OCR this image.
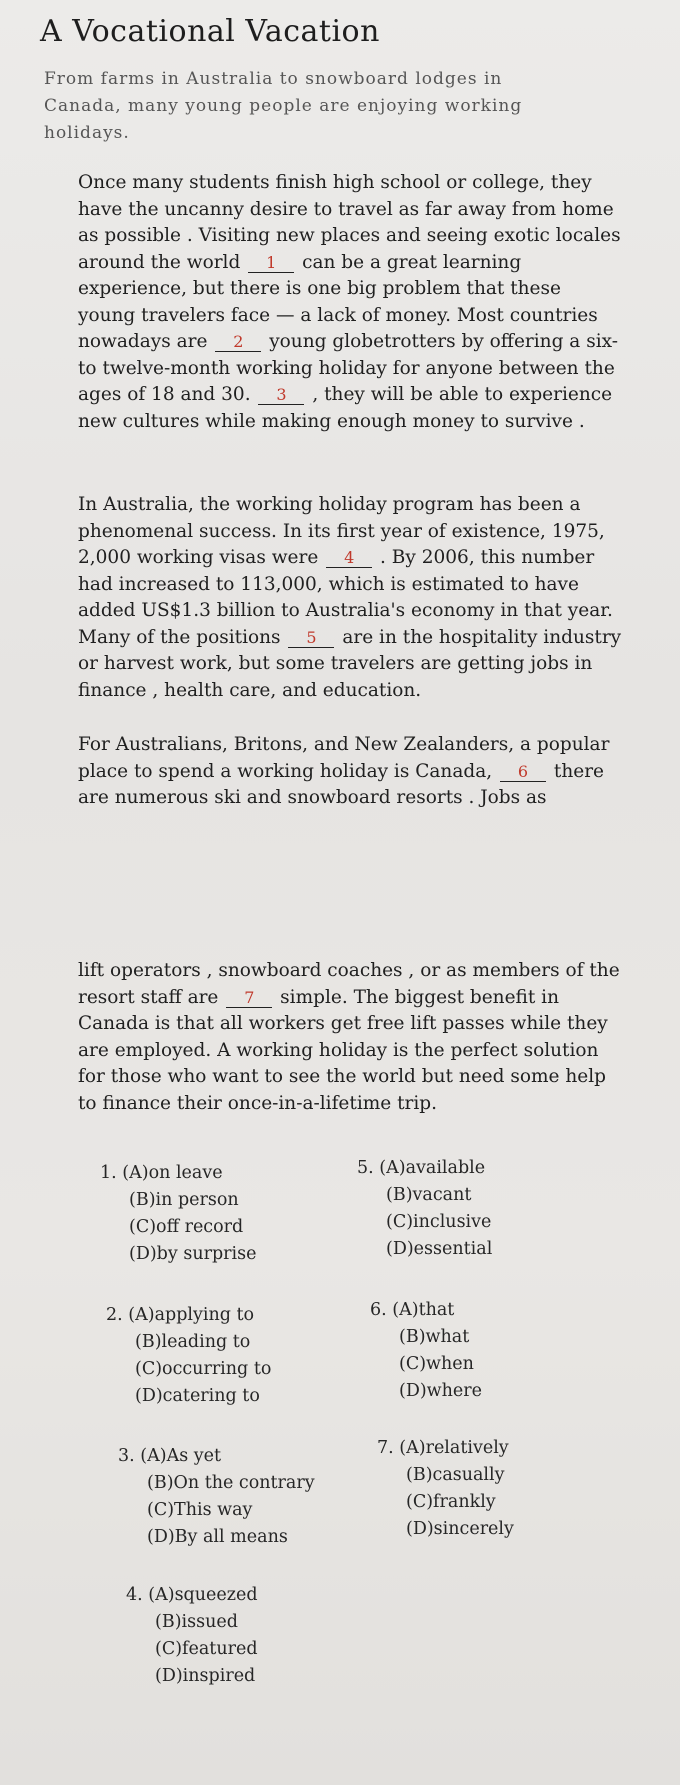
A Vocational Vacation
From farms in Australia to snowboard lodges in Canada, many young people are enjoying working holidays.
Once many students finish high school or college, they have the uncanny desire to travel as far away from home as possible . Visiting new places and seeing exotic locales around the world 1 can be a great learning experience, but there is one big problem that these young travelers face — a lack of money. Most countries nowadays are 2 young globetrotters by offering a six- to twelve-month working holiday for anyone between the ages of 18 and 30. 3 , they will be able to experience new cultures while making enough money to survive .
In Australia, the working holiday program has been a phenomenal success. In its first year of existence, 1975, 2,000 working visas were 4 . By 2006, this number had increased to 113,000, which is estimated to have added US$1.3 billion to Australia's economy in that year. Many of the positions 5 are in the hospitality industry or harvest work, but some travelers are getting jobs in finance , health care, and education.
For Australians, Britons, and New Zealanders, a popular place to spend a working holiday is Canada, 6 there are numerous ski and snowboard resorts . Jobs as
lift operators , snowboard coaches , or as members of the resort staff are 7 simple. The biggest benefit in Canada is that all workers get free lift passes while they are employed. A working holiday is the perfect solution for those who want to see the world but need some help to finance their once-in-a-lifetime trip.
1. (A)on leave
(B)in person
(C)off record
(D)by surprise
5. (A)available
(B)vacant
(C)inclusive
(D)essential
2. (A)applying to
(B)leading to
(C)occurring to
(D)catering to
6. (A)that
(B)what
(C)when
(D)where
3. (A)As yet
(B)On the contrary
(C)This way
(D)By all means
7. (A)relatively
(B)casually
(C)frankly
(D)sincerely
4. (A)squeezed
(B)issued
(C)featured
(D)inspired
